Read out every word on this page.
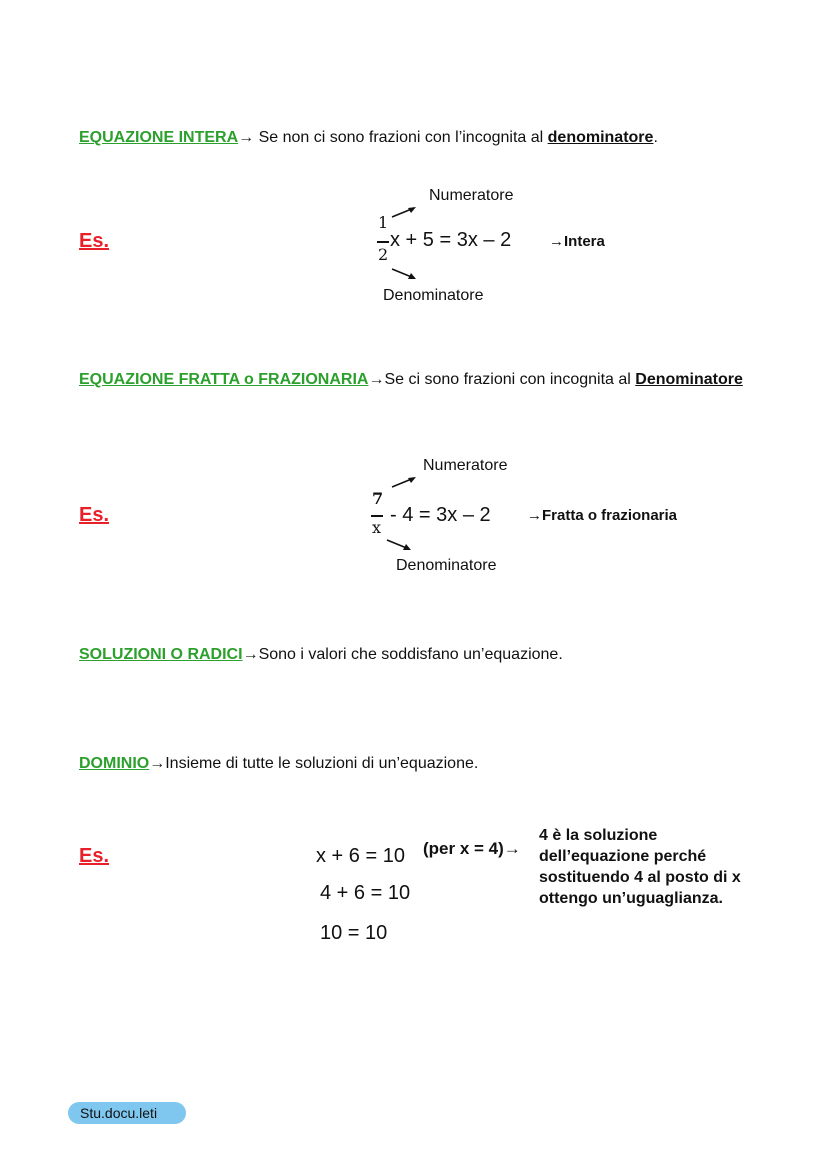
EQUAZIONE INTERA→ Se non ci sono frazioni con l’incognita al denominatore.
Es.
Numeratore
1
2
x + 5 = 3x – 2	→Intera
Denominatore
EQUAZIONE FRATTA o FRAZIONARIA→Se ci sono frazioni con incognita al Denominatore
Es.
Numeratore
7
x
- 4 = 3x – 2 →Fratta o frazionaria
Denominatore
SOLUZIONI O RADICI→Sono i valori che soddisfano un’equazione.
DOMINIO→Insieme di tutte le soluzioni di un’equazione.
Es.	x + 6 = 10 (per x = 4)→
4 + 6 = 10
10 = 10
4 è la soluzione dell’equazione perché sostituendo 4 al posto di x ottengo un’uguaglianza.
Stu.docu.leti
